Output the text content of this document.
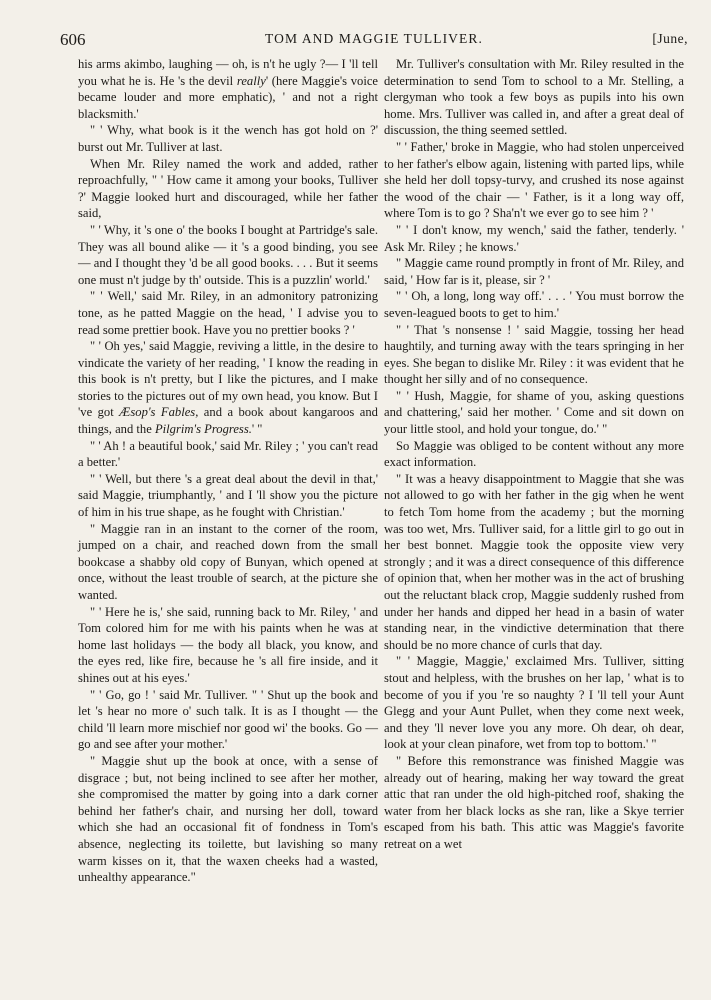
606	TOM AND MAGGIE TULLIVER.	[June,

his arms akimbo, laughing — oh, is n't he ugly ?— I 'll tell you what he is. He 's the devil really' (here Maggie's voice became louder and more emphatic), ' and not a right blacksmith.'

" ' Why, what book is it the wench has got hold on ?' burst out Mr. Tulliver at last.

When Mr. Riley named the work and added, rather reproachfully, " ' How came it among your books, Tulliver ?' Maggie looked hurt and discouraged, while her father said,

" ' Why, it 's one o' the books I bought at Partridge's sale. They was all bound alike — it 's a good binding, you see — and I thought they 'd be all good books. . . . But it seems one must n't judge by th' outside. This is a puzzlin' world.'

" ' Well,' said Mr. Riley, in an admonitory patronizing tone, as he patted Maggie on the head, ' I advise you to read some prettier book. Have you no prettier books ? '

" ' Oh yes,' said Maggie, reviving a little, in the desire to vindicate the variety of her reading, ' I know the reading in this book is n't pretty, but I like the pictures, and I make stories to the pictures out of my own head, you know. But I 've got Æsop's Fables, and a book about kangaroos and things, and the Pilgrim's Progress.' "

" ' Ah ! a beautiful book,' said Mr. Riley ; ' you can't read a better.'

" ' Well, but there 's a great deal about the devil in that,' said Maggie, triumphantly, ' and I 'll show you the picture of him in his true shape, as he fought with Christian.'

" Maggie ran in an instant to the corner of the room, jumped on a chair, and reached down from the small bookcase a shabby old copy of Bunyan, which opened at once, without the least trouble of search, at the picture she wanted.

" ' Here he is,' she said, running back to Mr. Riley, ' and Tom colored him for me with his paints when he was at home last holidays — the body all black, you know, and the eyes red, like fire, because he 's all fire inside, and it shines out at his eyes.'

" ' Go, go ! ' said Mr. Tulliver. " ' Shut up the book and let 's hear no more o' such talk. It is as I thought — the child 'll learn more mischief nor good wi' the books. Go — go and see after your mother.'

" Maggie shut up the book at once, with a sense of disgrace ; but, not being inclined to see after her mother, she compromised the matter by going into a dark corner behind her father's chair, and nursing her doll, toward which she had an occasional fit of fondness in Tom's absence, neglecting its toilette, but lavishing so many warm kisses on it, that the waxen cheeks had a wasted, unhealthy appearance."

Mr. Tulliver's consultation with Mr. Riley resulted in the determination to send Tom to school to a Mr. Stelling, a clergyman who took a few boys as pupils into his own home. Mrs. Tulliver was called in, and after a great deal of discussion, the thing seemed settled.

" ' Father,' broke in Maggie, who had stolen unperceived to her father's elbow again, listening with parted lips, while she held her doll topsy-turvy, and crushed its nose against the wood of the chair — ' Father, is it a long way off, where Tom is to go ? Sha'n't we ever go to see him ? '

" ' I don't know, my wench,' said the father, tenderly. ' Ask Mr. Riley ; he knows.'

" Maggie came round promptly in front of Mr. Riley, and said, ' How far is it, please, sir ? '

" ' Oh, a long, long way off.' . . . ' You must borrow the seven-leagued boots to get to him.'

" ' That 's nonsense ! ' said Maggie, tossing her head haughtily, and turning away with the tears springing in her eyes. She began to dislike Mr. Riley : it was evident that he thought her silly and of no consequence.

" ' Hush, Maggie, for shame of you, asking questions and chattering,' said her mother. ' Come and sit down on your little stool, and hold your tongue, do.' "

So Maggie was obliged to be content without any more exact information.

" It was a heavy disappointment to Maggie that she was not allowed to go with her father in the gig when he went to fetch Tom home from the academy ; but the morning was too wet, Mrs. Tulliver said, for a little girl to go out in her best bonnet. Maggie took the opposite view very strongly ; and it was a direct consequence of this difference of opinion that, when her mother was in the act of brushing out the reluctant black crop, Maggie suddenly rushed from under her hands and dipped her head in a basin of water standing near, in the vindictive determination that there should be no more chance of curls that day.

" ' Maggie, Maggie,' exclaimed Mrs. Tulliver, sitting stout and helpless, with the brushes on her lap, ' what is to become of you if you 're so naughty ? I 'll tell your Aunt Glegg and your Aunt Pullet, when they come next week, and they 'll never love you any more. Oh dear, oh dear, look at your clean pinafore, wet from top to bottom.' "

" Before this remonstrance was finished Maggie was already out of hearing, making her way toward the great attic that ran under the old high-pitched roof, shaking the water from her black locks as she ran, like a Skye terrier escaped from his bath. This attic was Maggie's favorite retreat on a wet
